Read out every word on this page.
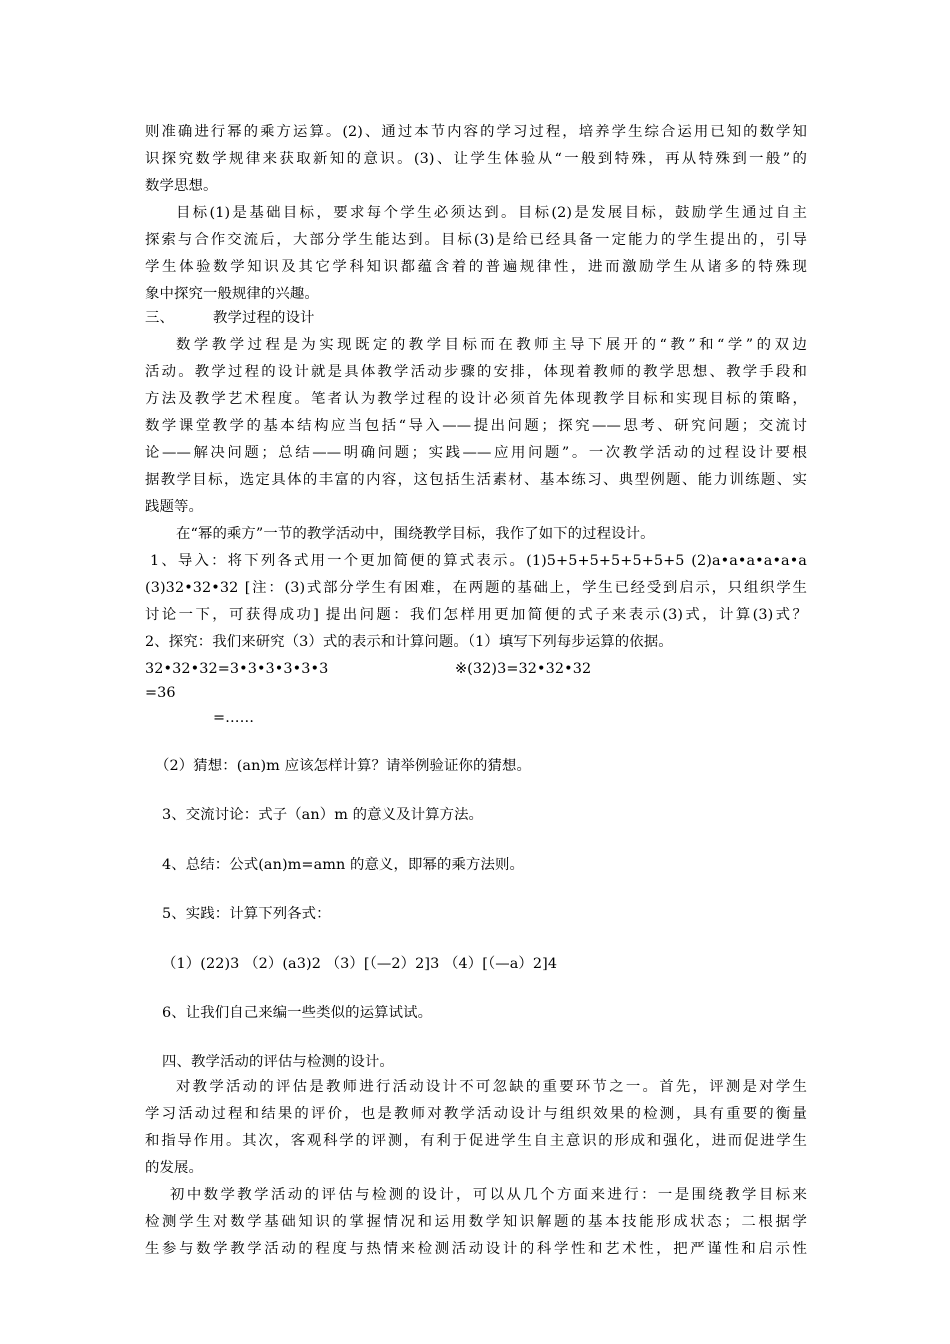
则准确进行幂的乘方运算。(2)、通过本节内容的学习过程，培养学生综合运用已知的数学知
识探究数学规律来获取新知的意识。(3)、让学生体验从“一般到特殊，再从特殊到一般”的
数学思想。
目标(1)是基础目标，要求每个学生必须达到。目标(2)是发展目标，鼓励学生通过自主
探索与合作交流后，大部分学生能达到。目标(3)是给已经具备一定能力的学生提出的，引导
学生体验数学知识及其它学科知识都蕴含着的普遍规律性，进而激励学生从诸多的特殊现
象中探究一般规律的兴趣。
三、	教学过程的设计
数学教学过程是为实现既定的教学目标而在教师主导下展开的“教”和“学”的双边
活动。教学过程的设计就是具体教学活动步骤的安排，体现着教师的教学思想、教学手段和
方法及教学艺术程度。笔者认为教学过程的设计必须首先体现教学目标和实现目标的策略，
数学课堂教学的基本结构应当包括“导入——提出问题；探究——思考、研究问题；交流讨
论——解决问题；总结——明确问题；实践——应用问题”。一次教学活动的过程设计要根
据教学目标，选定具体的丰富的内容，这包括生活素材、基本练习、典型例题、能力训练题、实
践题等。
在“幂的乘方”一节的教学活动中，围绕教学目标，我作了如下的过程设计。
1、导入：将下列各式用一个更加简便的算式表示。(1)5+5+5+5+5+5+5 (2)a•a•a•a•a•a
(3)32•32•32 [注：(3)式部分学生有困难，在两题的基础上，学生已经受到启示，只组织学生
讨论一下，可获得成功] 提出问题：我们怎样用更加简便的式子来表示(3)式，计算(3)式？
2、探究：我们来研究（3）式的表示和计算问题。（1）填写下列每步运算的依据。
32•32•32=3•3•3•3•3•3	※(32)3=32•32•32
=36
=……
（2）猜想：(an)m 应该怎样计算？请举例验证你的猜想。
3、交流讨论：式子（an）m 的意义及计算方法。
4、总结：公式(an)m=amn 的意义，即幂的乘方法则。
5、实践：计算下列各式：
（1）(22)3 （2）(a3)2 （3）[（—2）2]3 （4）[（—a）2]4
6、让我们自己来编一些类似的运算试试。
四、教学活动的评估与检测的设计。
对教学活动的评估是教师进行活动设计不可忽缺的重要环节之一。首先，评测是对学生
学习活动过程和结果的评价，也是教师对教学活动设计与组织效果的检测，具有重要的衡量
和指导作用。其次，客观科学的评测，有利于促进学生自主意识的形成和强化，进而促进学生
的发展。
初中数学教学活动的评估与检测的设计，可以从几个方面来进行：一是围绕教学目标来
检测学生对数学基础知识的掌握情况和运用数学知识解题的基本技能形成状态；二根据学
生参与数学教学活动的程度与热情来检测活动设计的科学性和艺术性，把严谨性和启示性
